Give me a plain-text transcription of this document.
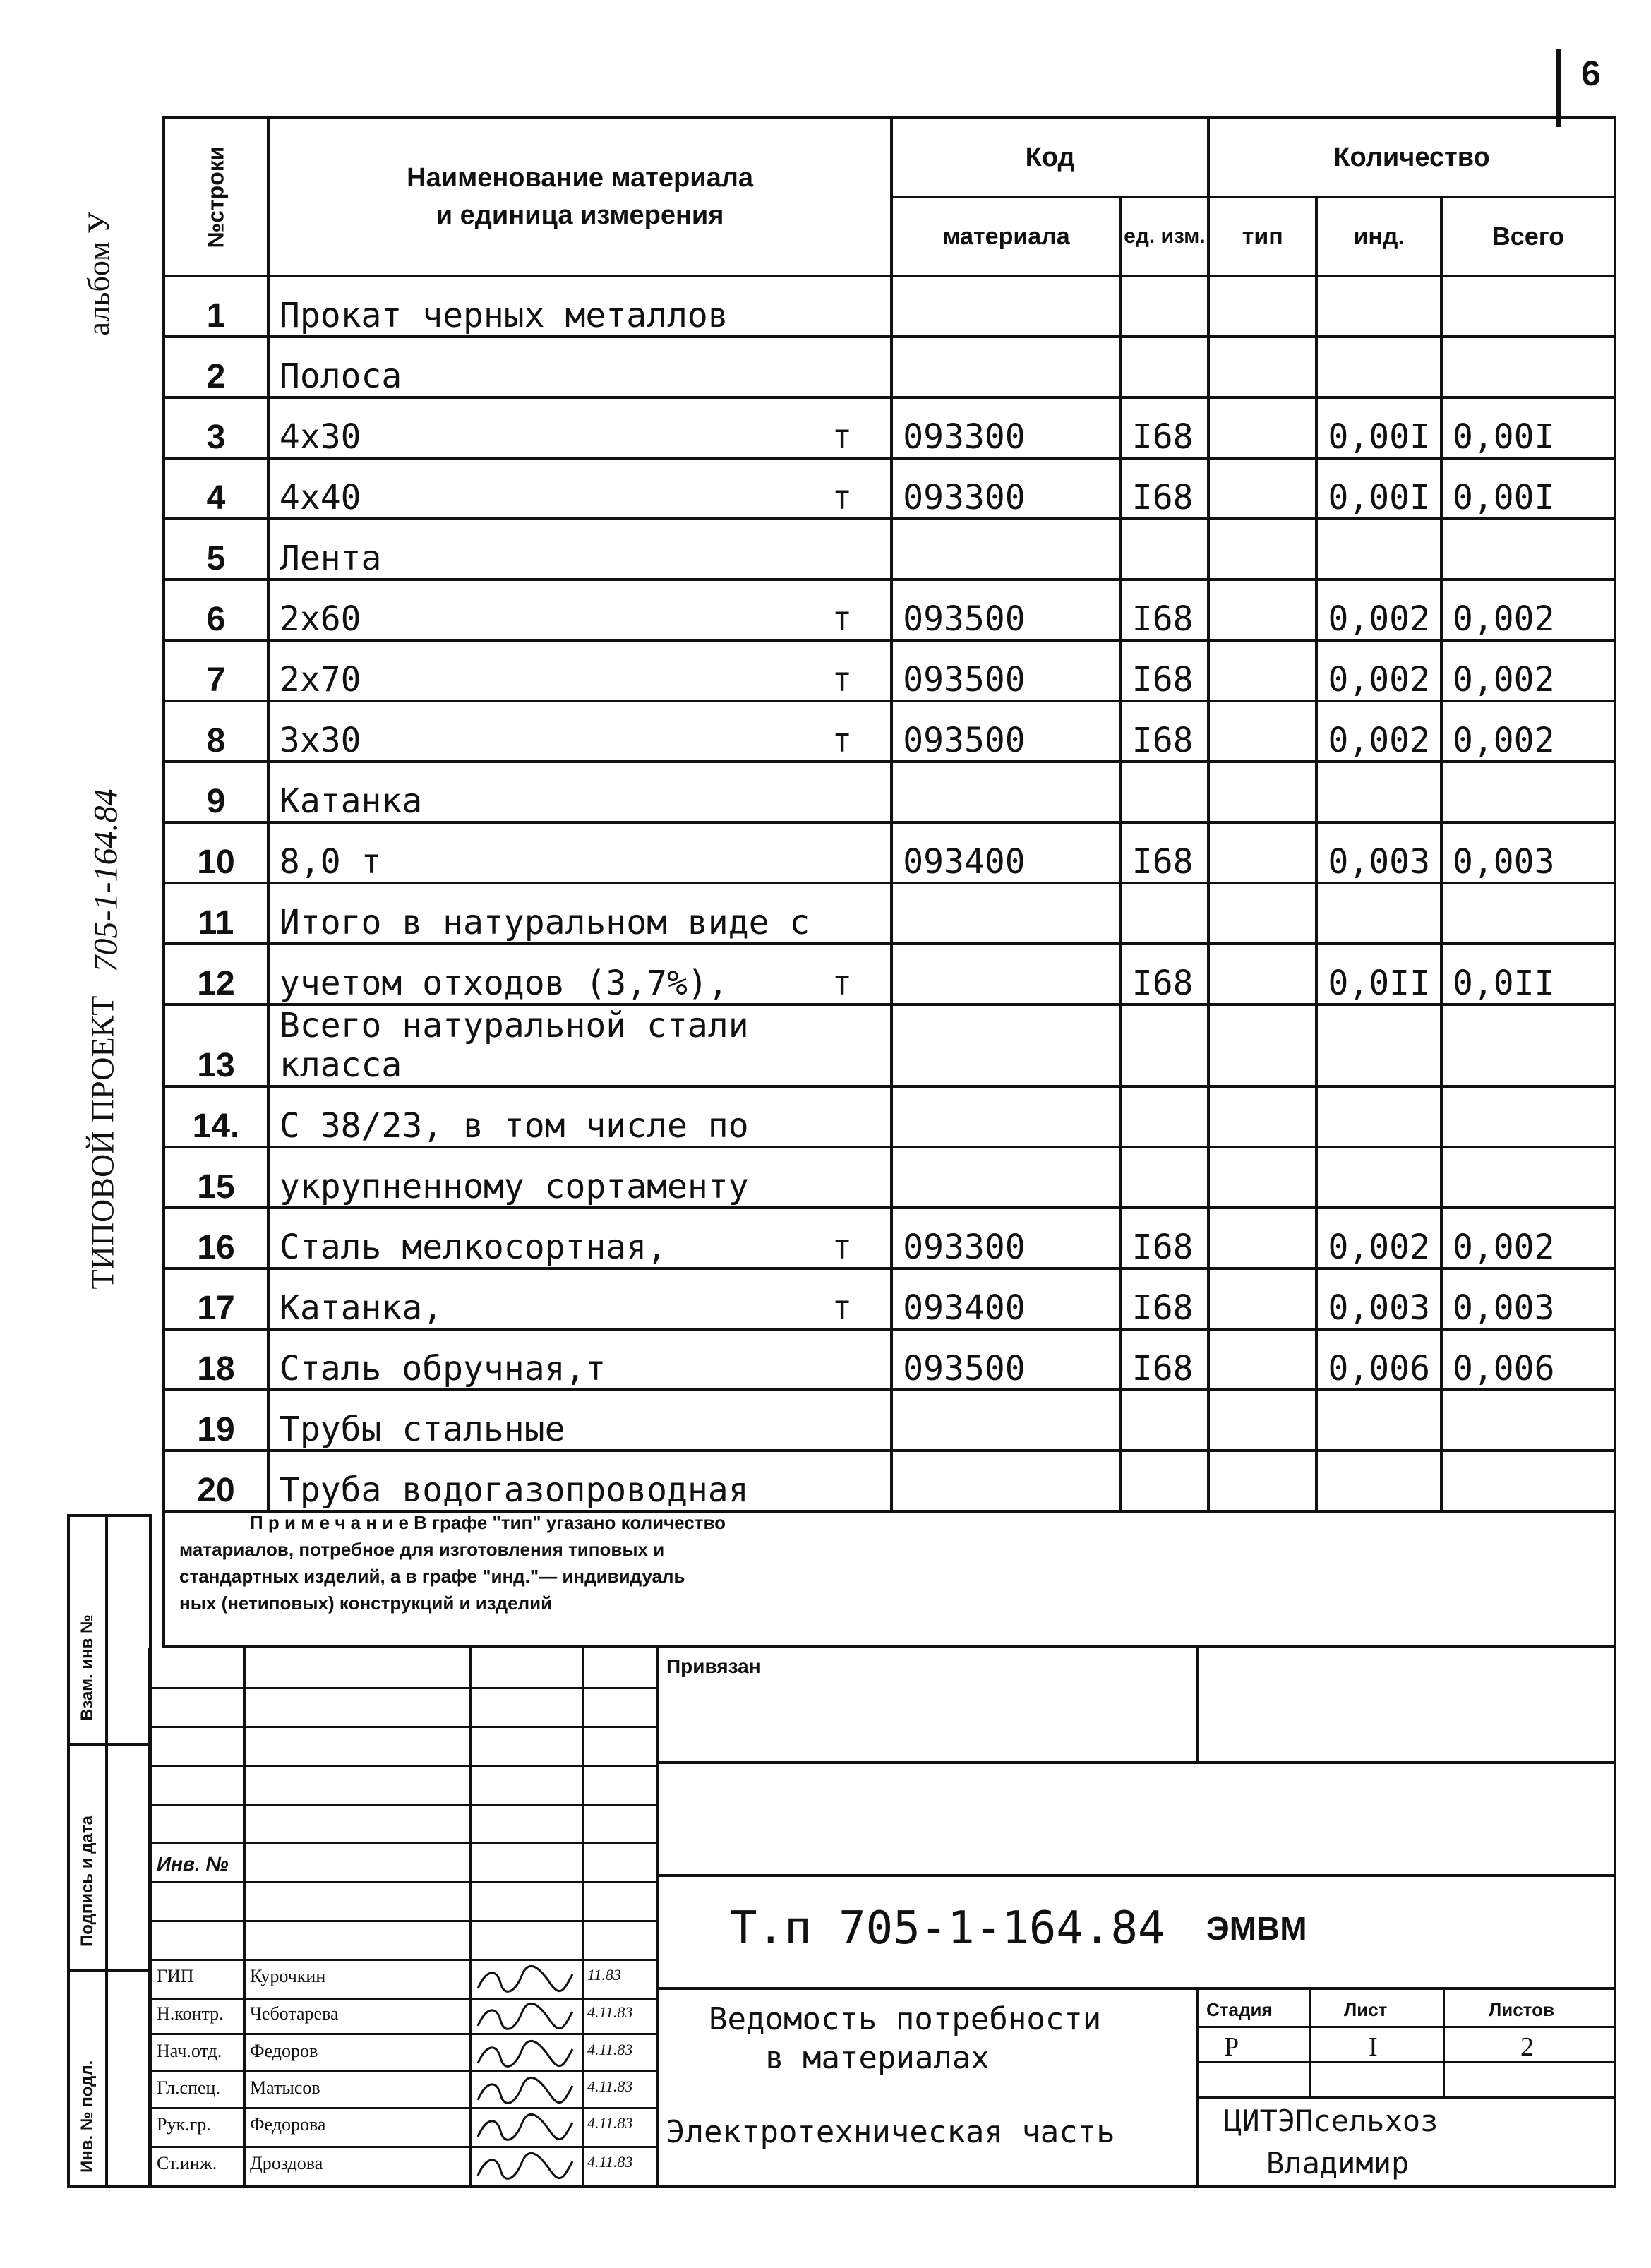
6
альбом У
705-1-164.84
ТИПОВОЙ ПРОЕКТ
№строки	Наименование материала
и единица измерения	Код		Количество		
		материала	ед. изм.	тип	инд.	Всего
1	Прокат черных металлов

2	Полоса

3	4х30 т	093300	I68		0,00I	0,00I
4	4х40 т	093300	I68		0,00I	0,00I
5	Лента

6	2х60 т	093500	I68		0,002	0,002
7	2х70 т	093500	I68		0,002	0,002
8	3х30 т	093500	I68		0,002	0,002
9	Катанка

10	8,0 т	093400	I68		0,003	0,003
11	Итого в натуральном виде с

12	учетом отходов (3,7%), т		I68		0,0II	0,0II
13	Всего натуральной стали класса

14.	С 38/23, в том числе по

15	укрупненному сортаменту

16	Сталь мелкосортная, т	093300	I68		0,002	0,002
17	Катанка, т	093400	I68		0,003	0,003
18	Сталь обручная,т	093500	I68		0,006	0,006
19	Трубы стальные

20	Труба водогазопроводная

П р и м е ч а н и е В графе "тип" угазано количество
матариалов, потребное для изготовления типовых и
стандартных изделий, а в графе "инд."— индивидуаль
ных (нетиповых) конструкций и изделий
Инв. № подл.
Подпись и дата
Взам. инв №	Привязан
Инв. №
Т.п 705-1-164.84 ЭМВМ
Ведомость потребности
в материалах
Электротехническая часть
Стадия	Лист	Листов
Р	I	2
ЦИТЭПсельхоз
Владимир
ГИП	Курочкин	11.83
Н.контр. Чеботарева	4.11.83
Нач.отд. Федоров	4.11.83
Гл.спец. Матысов	4.11.83
Рук.гр. Федорова	4.11.83
Ст.инж. Дроздова	4.11.83
